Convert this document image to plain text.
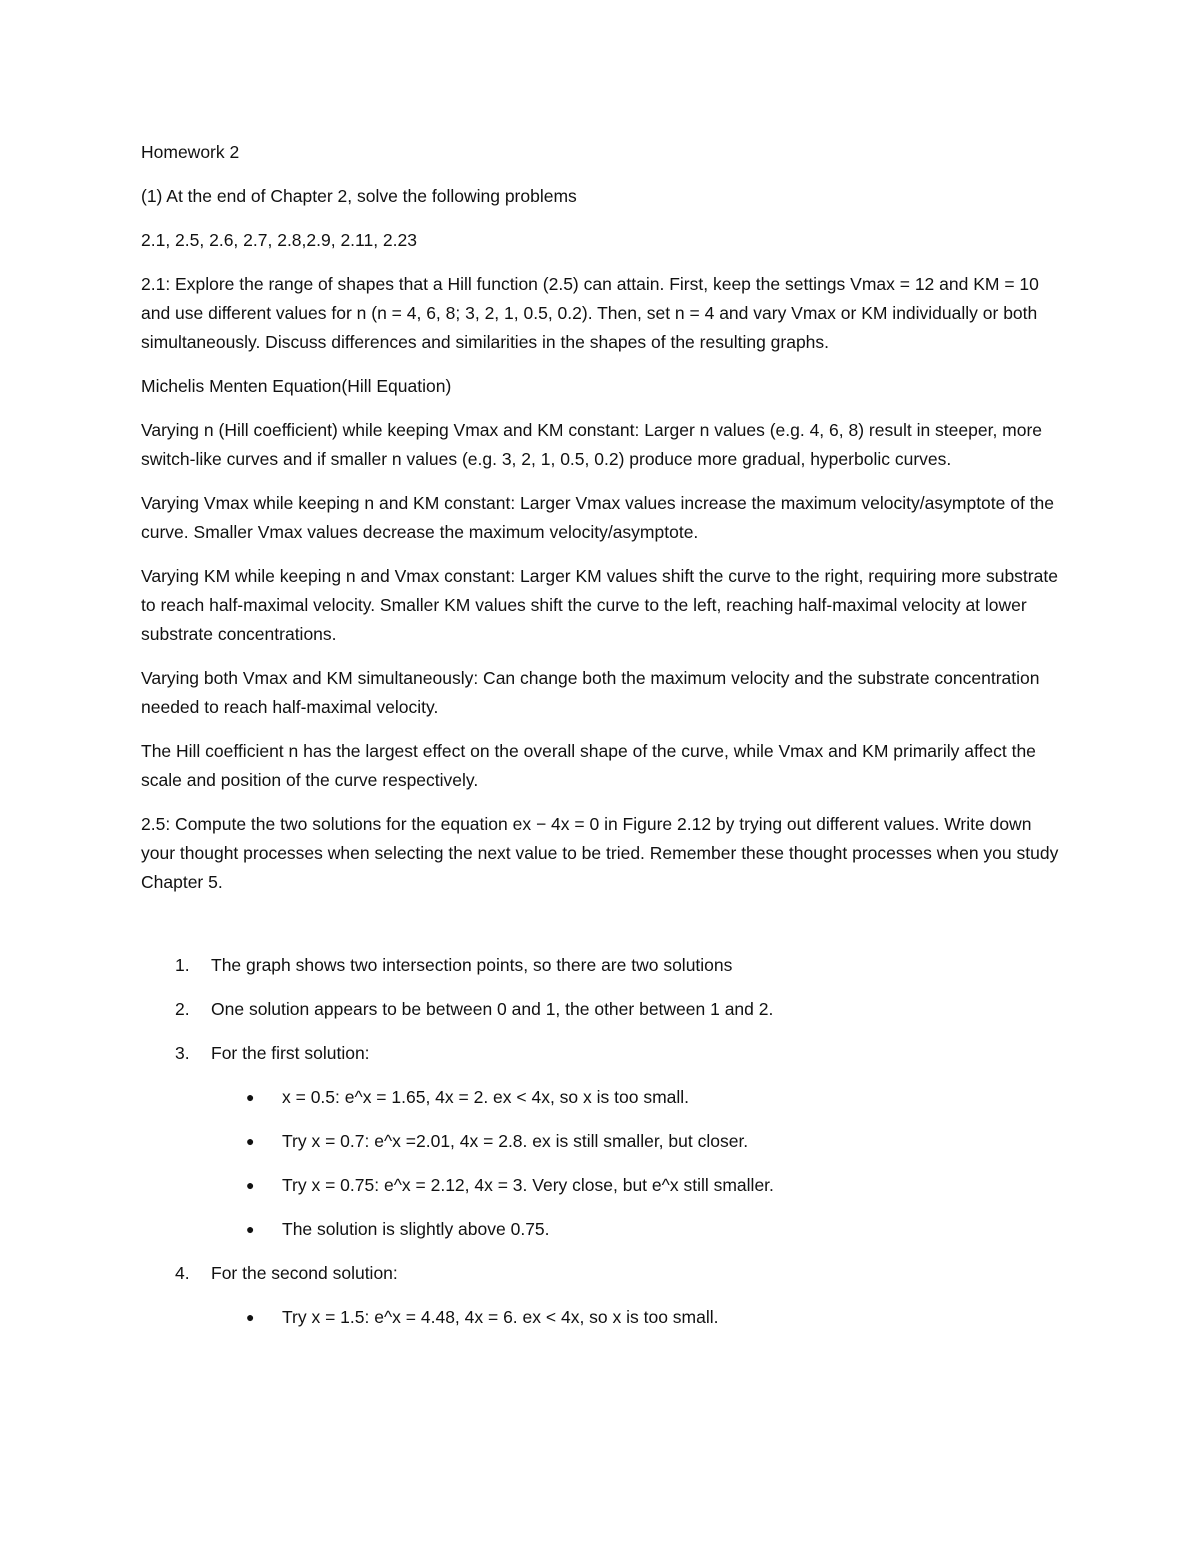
Homework 2

(1) At the end of Chapter 2, solve the following problems

2.1, 2.5, 2.6, 2.7, 2.8,2.9, 2.11, 2.23

2.1: Explore the range of shapes that a Hill function (2.5) can attain. First, keep the settings Vmax = 12 and KM = 10 and use different values for n (n = 4, 6, 8; 3, 2, 1, 0.5, 0.2). Then, set n = 4 and vary Vmax or KM individually or both simultaneously. Discuss differences and similarities in the shapes of the resulting graphs.

Michelis Menten Equation(Hill Equation)

Varying n (Hill coefficient) while keeping Vmax and KM constant: Larger n values (e.g. 4, 6, 8) result in steeper, more switch-like curves and if smaller n values (e.g. 3, 2, 1, 0.5, 0.2) produce more gradual, hyperbolic curves.

Varying Vmax while keeping n and KM constant: Larger Vmax values increase the maximum velocity/asymptote of the curve. Smaller Vmax values decrease the maximum velocity/asymptote.

Varying KM while keeping n and Vmax constant: Larger KM values shift the curve to the right, requiring more substrate to reach half-maximal velocity. Smaller KM values shift the curve to the left, reaching half-maximal velocity at lower substrate concentrations.

Varying both Vmax and KM simultaneously: Can change both the maximum velocity and the substrate concentration needed to reach half-maximal velocity.

The Hill coefficient n has the largest effect on the overall shape of the curve, while Vmax and KM primarily affect the scale and position of the curve respectively.

2.5: Compute the two solutions for the equation ex − 4x = 0 in Figure 2.12 by trying out different values. Write down your thought processes when selecting the next value to be tried. Remember these thought processes when you study Chapter 5.

1. The graph shows two intersection points, so there are two solutions
2. One solution appears to be between 0 and 1, the other between 1 and 2.
3. For the first solution:
● x = 0.5: e^x = 1.65, 4x = 2. ex < 4x, so x is too small.
● Try x = 0.7: e^x =2.01, 4x = 2.8. ex is still smaller, but closer.
● Try x = 0.75: e^x = 2.12, 4x = 3. Very close, but e^x still smaller.
● The solution is slightly above 0.75.
4. For the second solution:
● Try x = 1.5: e^x = 4.48, 4x = 6. ex < 4x, so x is too small.
